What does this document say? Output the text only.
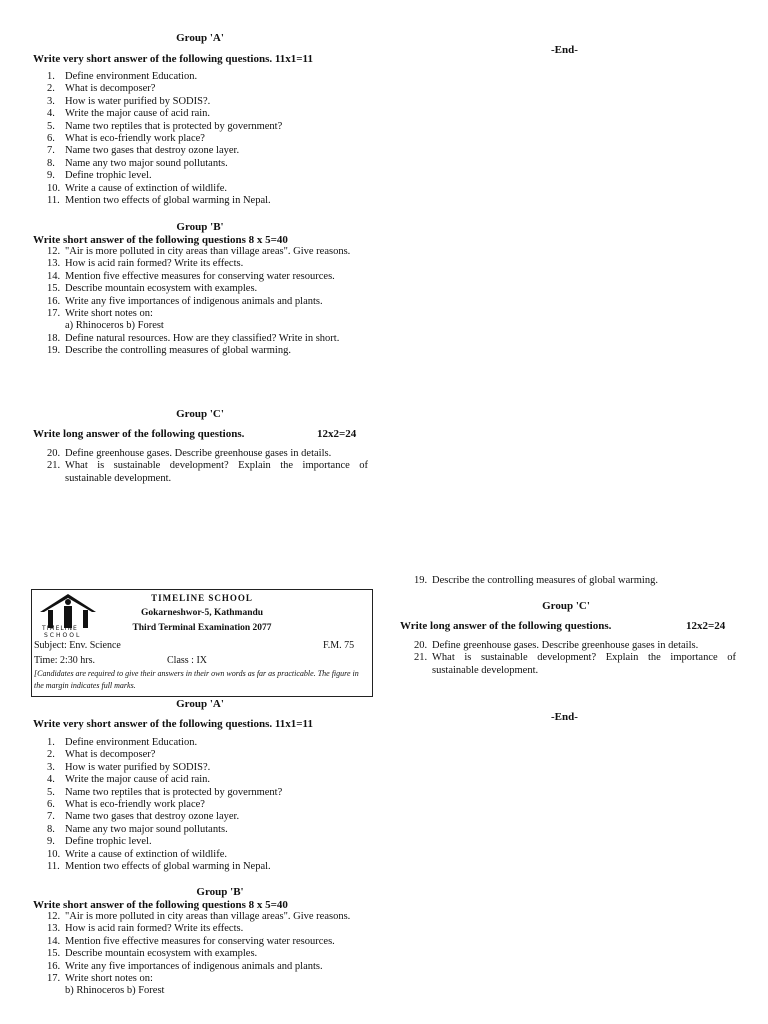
Group 'A'
Write very short answer of the following questions. 11x1=11
1. Define environment Education.
2. What is decomposer?
3. How is water purified by SODIS?.
4. Write the major cause of acid rain.
5. Name two reptiles that is protected by government?
6. What is eco-friendly work place?
7. Name two gases that destroy ozone layer.
8. Name any two major sound pollutants.
9. Define trophic level.
10. Write a cause of extinction of wildlife.
11. Mention two effects of global warming in Nepal.
Group 'B'
Write short answer of the following questions 8 x 5=40
12. "Air is more polluted in city areas than village areas". Give reasons.
13. How is acid rain formed? Write its effects.
14. Mention five effective measures for conserving water resources.
15. Describe mountain ecosystem with examples.
16. Write any five importances of indigenous animals and plants.
17. Write short notes on:
a) Rhinoceros b) Forest
18. Define natural resources. How are they classified? Write in short.
19. Describe the controlling measures of global warming.
Group 'C'
Write long answer of the following questions.	12x2=24
20. Define greenhouse gases. Describe greenhouse gases in details.
21. What is sustainable development? Explain the importance of sustainable development.
-End-
19. Describe the controlling measures of global warming.
Group 'C'
Write long answer of the following questions.	12x2=24
20. Define greenhouse gases. Describe greenhouse gases in details.
21. What is sustainable development? Explain the importance of sustainable development.
-End-
TIMELINE
SCHOOL
TIMELINE SCHOOL
Gokarneshwor-5, Kathmandu
Third Terminal Examination 2077
Subject: Env. Science	F.M. 75
Time: 2:30 hrs.	Class : IX
[Candidates are required to give their answers in their own words as far as practicable. The figure in the margin indicates full marks.
Group 'A'
Write very short answer of the following questions. 11x1=11
1. Define environment Education.
2. What is decomposer?
3. How is water purified by SODIS?.
4. Write the major cause of acid rain.
5. Name two reptiles that is protected by government?
6. What is eco-friendly work place?
7. Name two gases that destroy ozone layer.
8. Name any two major sound pollutants.
9. Define trophic level.
10. Write a cause of extinction of wildlife.
11. Mention two effects of global warming in Nepal.
Group 'B'
Write short answer of the following questions 8 x 5=40
12. "Air is more polluted in city areas than village areas". Give reasons.
13. How is acid rain formed? Write its effects.
14. Mention five effective measures for conserving water resources.
15. Describe mountain ecosystem with examples.
16. Write any five importances of indigenous animals and plants.
17. Write short notes on:
b) Rhinoceros b) Forest
